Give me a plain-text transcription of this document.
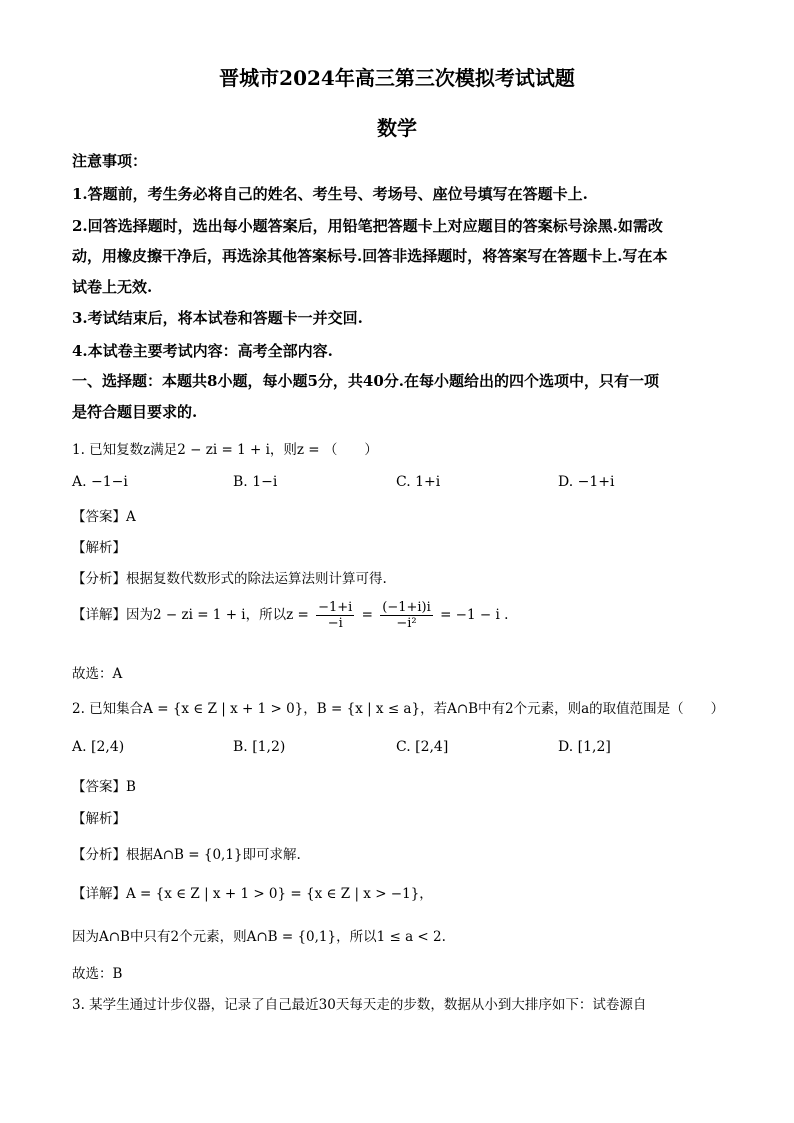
晋城市2024年高三第三次模拟考试试题
数学
注意事项：
1.答题前，考生务必将自己的姓名、考生号、考场号、座位号填写在答题卡上.
2.回答选择题时，选出每小题答案后，用铅笔把答题卡上对应题目的答案标号涂黑.如需改
动，用橡皮擦干净后，再选涂其他答案标号.回答非选择题时，将答案写在答题卡上.写在本
试卷上无效.
3.考试结束后，将本试卷和答题卡一并交回.
4.本试卷主要考试内容：高考全部内容.
一、选择题：本题共8小题，每小题5分，共40分.在每小题给出的四个选项中，只有一项
是符合题目要求的.
1. 已知复数z满足2 − zi = 1 + i，则z = （　　）
A. −1−i	B. 1−i	C. 1+i	D. −1+i
【答案】A
【解析】
【分析】根据复数代数形式的除法运算法则计算可得.
【详解】因为2 − zi = 1 + i，所以$z = \frac{-1+i}{-i} = \frac{(-1+i)i}{\text{−i²}} = -1 - i$ .
故选：A
2. 已知集合A = {x ∈ Z | x + 1 > 0}，B = {x | x ≤ a}，若A∩B中有2个元素，则a的取值范围是（　　）
A. [2,4)	B. [1,2)	C. [2,4]	D. [1,2]
【答案】B
【解析】
【分析】根据A∩B = {0,1}即可求解.
【详解】A = {x ∈ Z | x + 1 > 0} = {x ∈ Z | x > −1}，
因为A∩B中只有2个元素，则A∩B = {0,1}，所以1 ≤ a < 2.
故选：B
3. 某学生通过计步仪器，记录了自己最近30天每天走的步数，数据从小到大排序如下：试卷源自
